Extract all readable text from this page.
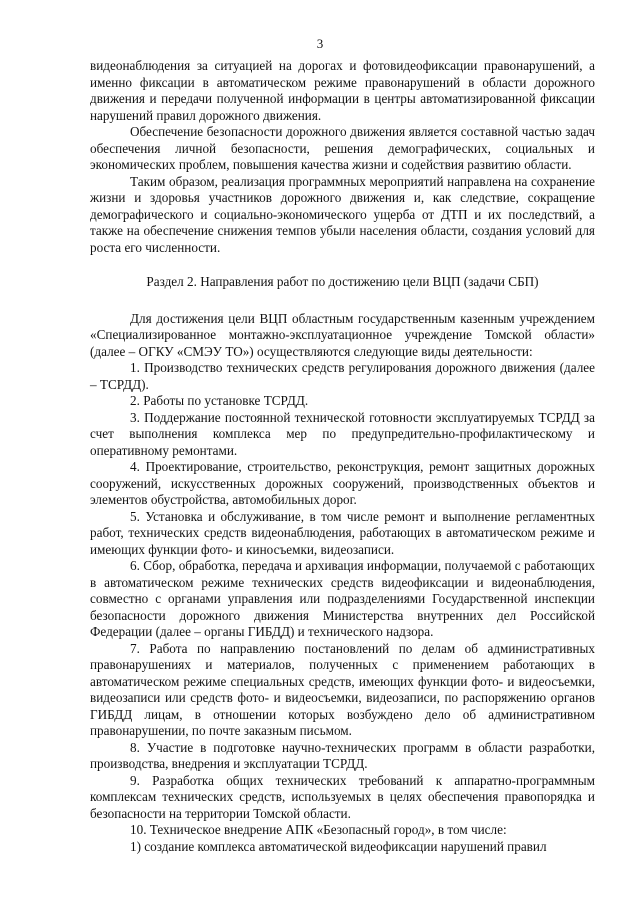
3

видеонаблюдения за ситуацией на дорогах и фотовидеофиксации правонарушений, а именно фиксации в автоматическом режиме правонарушений в области дорожного движения и передачи полученной информации в центры автоматизированной фиксации нарушений правил дорожного движения.

Обеспечение безопасности дорожного движения является составной частью задач обеспечения личной безопасности, решения демографических, социальных и экономических проблем, повышения качества жизни и содействия развитию области.

Таким образом, реализация программных мероприятий направлена на сохранение жизни и здоровья участников дорожного движения и, как следствие, сокращение демографического и социально-экономического ущерба от ДТП и их последствий, а также на обеспечение снижения темпов убыли населения области, создания условий для роста его численности.

Раздел 2. Направления работ по достижению цели ВЦП (задачи СБП)

Для достижения цели ВЦП областным государственным казенным учреждением «Специализированное монтажно-эксплуатационное учреждение Томской области» (далее – ОГКУ «СМЭУ ТО») осуществляются следующие виды деятельности:

1. Производство технических средств регулирования дорожного движения (далее – ТСРДД).

2. Работы по установке ТСРДД.

3. Поддержание постоянной технической готовности эксплуатируемых ТСРДД за счет выполнения комплекса мер по предупредительно-профилактическому и оперативному ремонтами.

4. Проектирование, строительство, реконструкция, ремонт защитных дорожных сооружений, искусственных дорожных сооружений, производственных объектов и элементов обустройства, автомобильных дорог.

5. Установка и обслуживание, в том числе ремонт и выполнение регламентных работ, технических средств видеонаблюдения, работающих в автоматическом режиме и имеющих функции фото- и киносъемки, видеозаписи.

6. Сбор, обработка, передача и архивация информации, получаемой с работающих в автоматическом режиме технических средств видеофиксации и видеонаблюдения, совместно с органами управления или подразделениями Государственной инспекции безопасности дорожного движения Министерства внутренних дел Российской Федерации (далее – органы ГИБДД) и технического надзора.

7. Работа по направлению постановлений по делам об административных правонарушениях и материалов, полученных с применением работающих в автоматическом режиме специальных средств, имеющих функции фото- и видеосъемки, видеозаписи или средств фото- и видеосъемки, видеозаписи, по распоряжению органов ГИБДД лицам, в отношении которых возбуждено дело об административном правонарушении, по почте заказным письмом.

8. Участие в подготовке научно-технических программ в области разработки, производства, внедрения и эксплуатации ТСРДД.

9. Разработка общих технических требований к аппаратно-программным комплексам технических средств, используемых в целях обеспечения правопорядка и безопасности на территории Томской области.

10. Техническое внедрение АПК «Безопасный город», в том числе:

1) создание комплекса автоматической видеофиксации нарушений правил
